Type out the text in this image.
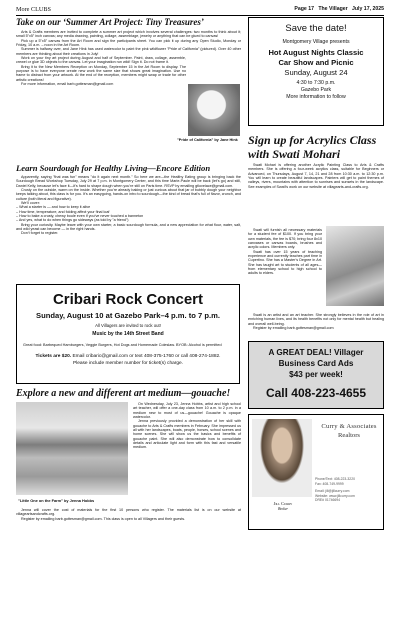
More CLUBS	Page 17 The Villager July 17, 2025
Take on our ‘Summer Art Project: Tiny Treasures’

Arts & Crafts members are invited to complete a summer art project which involves several challenges: two months to think about it; small 5"x5" inch canvas; any media drawing, painting, collage, assemblage, jewelry or anything that can be glued to canvas!

Pick up a 5"x5" canvas from the Art Room and sign the participants sheet. You can pick it up during any Open Studio, Monday or Friday, 10 a.m. – noon in the Art Room.

Summer is halfway over, and Jane Hink has used watercolor to paint the pink wildflower "Pride of California" (pictured). Over 40 other members are thinking about their creations in July!

Work on your tiny art project during August and half of September. Paint, draw, collage, assemble, crewel or glue 3D objects to the canvas. Let your imagination run wild! Sign it. Do not frame it.

Bring it to the New Members Reception on Monday, September 15 in the Art Room to display. The purpose is to have everyone create new work the same size that shows great imagination. Use no frame to distract from your artwork. At the end of the reception, members might swap or trade for other artistic creations!

For more information, email barb.gottesman@gmail.com

"Pride of California" by Jane Hink
Learn Sourdough for Healthy Living—Encore Edition

Apparently, saying "that was fun" means "do it again next month." So here we are—the Healthy Eating group is bringing back the Sourdough Bread Workshop Tuesday, July 29 at 7 p.m. in Montgomery Center, and this time Marie-Paule will be back (let’s go) and still, Daniel Kelly, because let’s face it—it’s hard to shape dough when you’re still on Paris time. RSVP by emailing gtlovelace@gmail.com.

Crusty on the outside, warm on the inside. Whether you’re already baking or just curious about that jar of bubbly dough your neighbor keeps talking about, this class is for you. It’s an easygoing, hands-on intro to sourdough—the kind of bread that’s full of flavor, crunch, and culture (both literal and figurative).

We’ll cover:

– What a starter is — and how to keep it alive
– How time, temperature, and folding affect your final loaf
– How to bake a crusty, chewy boule even if you’ve never touched a banneton
– And yes, what to do when things go sideways (as told by "a friend")

Bring your curiosity. Maybe leave with your own starter, a basic sourdough formula, and a new appreciation for what flour, water, salt, and wild yeast can become — in the right hands.

Don’t forget to register.

Save the date!
Montgomery Village presents
Hot August Nights Classic
Car Show and Picnic
Sunday, August 24
4:30 to 7:30 p.m.
Gazebo Park
More information to follow
Sign up for Acrylics Class with Swati Mohari

Swati Mohari is offering another Acrylic Painting Class to Arts & Crafts members. She is offering a four-week acrylics class, suitable for Beginners or Advanced, on Thursdays, August 7, 14, 21 and 28 from 10:30 a.m. to 12:30 p.m. You will learn to create beautiful landscapes. Painters will get to paint themes of valleys, rivers, mountains with attention to sunrises and sunsets in the landscape. See examples of Swati’s work on our website at villagearts-and-crafts.org.

Swati will furnish all necessary materials for a student fee of $100. If you bring your own materials, the fee is $70; bring four 8x10 canvases or canvas boards, brushes and acrylic colors. Members only.

Swati has over 15 years of teaching experience and currently teaches part time in Cupertino. She has a Master’s Degree in Art. She has taught art to students of all ages—from elementary school to high school to adults to elders.

Swati is an artist and an art teacher. She strongly believes in the role of art in enriching human lives, and its health benefits not only for mental health but healing and overall well-being.

Register by emailing barb.gottesman@gmail.com

Cribari Rock Concert
Sunday, August 10 at Gazebo Park–4 p.m. to 7 p.m.
All Villagers are invited to rock out!
Music by the 14th Street Band
Great food: Barbequed Hamburgers, Veggie Burgers, Hot Dogs and Homemade Coleslaw. BYOB: Alcohol is permitted
Tickets are $20. Email cribaric@gmail.com or text 408-375-1760 or call 408-274-1882.
Please include member number for ticket(s) charge.
A GREAT DEAL! Villager
Business Card Ads
$43 per week!
Call 408-223-4655
Explore a new and different art medium—gouache!
"Little One on the Farm" by Jenna Hobbs

On Wednesday, July 23, Jenna Hobbs, artist and high school art teacher, will offer a one-day class from 10 a.m. to 2 p.m. in a medium new to most of us—gouache! Gouache is opaque watercolor.

Jenna previously provided a demonstration of her skill with gouache to Arts & Crafts members in February. She impressed us all with her landscapes, boats, people, horses, school scenes and home scenes. She will show us the basics and benefits of gouache paint. She will also demonstrate how to consolidate details and articulate light and form with this fast and versatile medium.

Jenna will cover the cost of materials for the first 10 persons who register. The materials list is on our website at villageartsandcrafts.org.

Register by emailing barb.gottesman@gmail.com. This class is open to all Villagers and their guests.

Jill Curry
Broker
Curry & Associates
Realtors
Phone/Text: 408-223-3220
Fax: 408-749-9999
Email: jill@jillcurry.com
Website: www.jillcurry.com
DRE# 01746694
